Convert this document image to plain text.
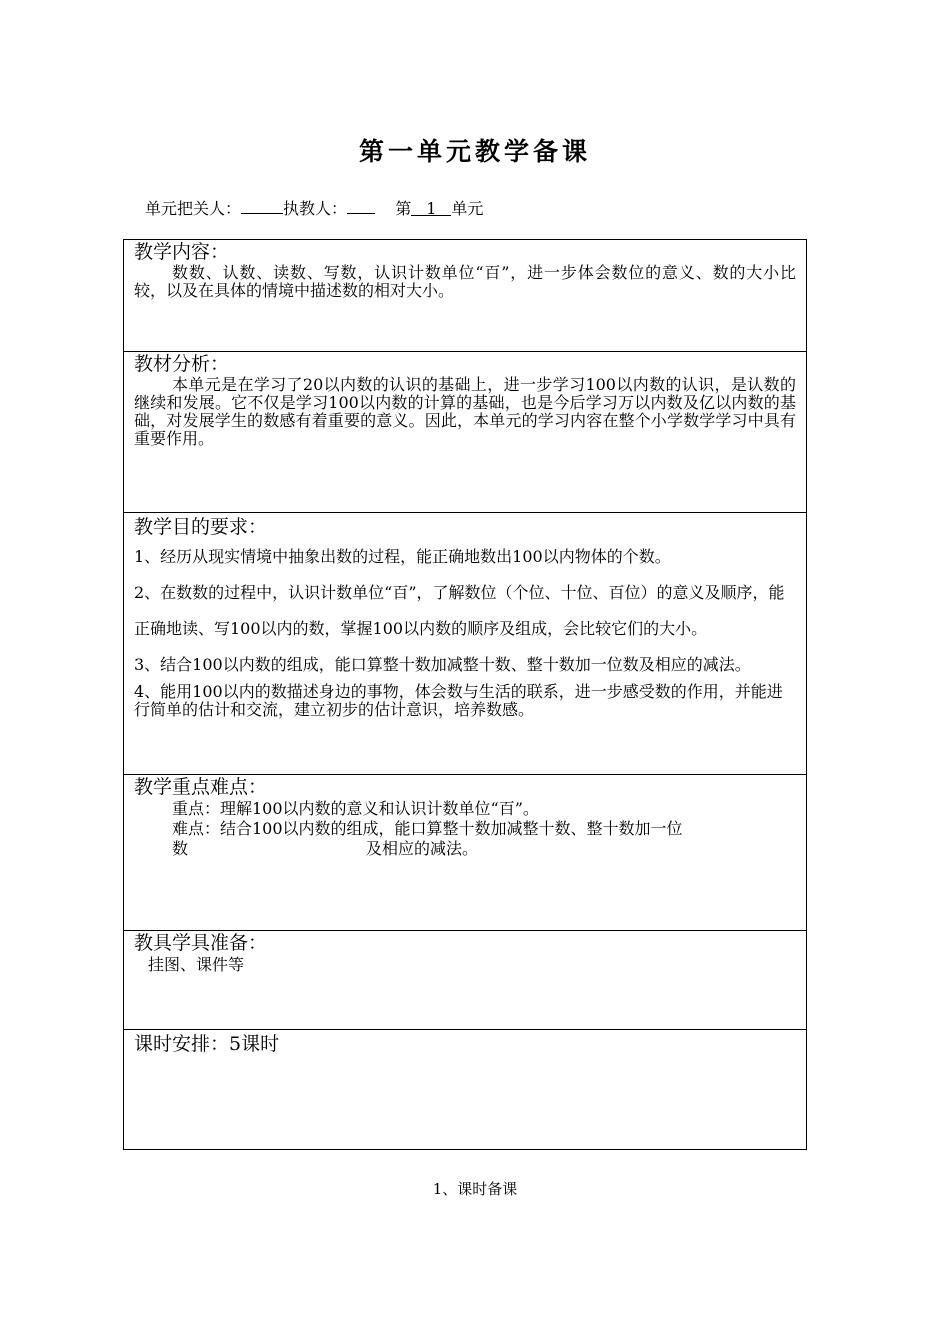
第一单元教学备课
单元把关人：	执教人：	第 1 单元
教学内容：
数数、认数、读数、写数，认识计数单位“百”，进一步体会数位的意义、数的大小比较，以及在具体的情境中描述数的相对大小。
教材分析：
本单元是在学习了20以内数的认识的基础上，进一步学习100以内数的认识，是认数的继续和发展。它不仅是学习100以内数的计算的基础，也是今后学习万以内数及亿以内数的基础，对发展学生的数感有着重要的意义。因此，本单元的学习内容在整个小学数学学习中具有重要作用。
教学目的要求：
1、经历从现实情境中抽象出数的过程，能正确地数出100以内物体的个数。
2、在数数的过程中，认识计数单位“百”，了解数位（个位、十位、百位）的意义及顺序，能正确地读、写100以内的数，掌握100以内数的顺序及组成，会比较它们的大小。
3、结合100以内数的组成，能口算整十数加减整十数、整十数加一位数及相应的减法。
4、能用100以内的数描述身边的事物，体会数与生活的联系，进一步感受数的作用，并能进行简单的估计和交流，建立初步的估计意识，培养数感。
教学重点难点：
重点：理解100以内数的意义和认识计数单位“百”。
难点：结合100以内数的组成，能口算整十数加减整十数、整十数加一位
数	及相应的减法。
教具学具准备：
挂图、课件等
课时安排：5课时
1、课时备课
